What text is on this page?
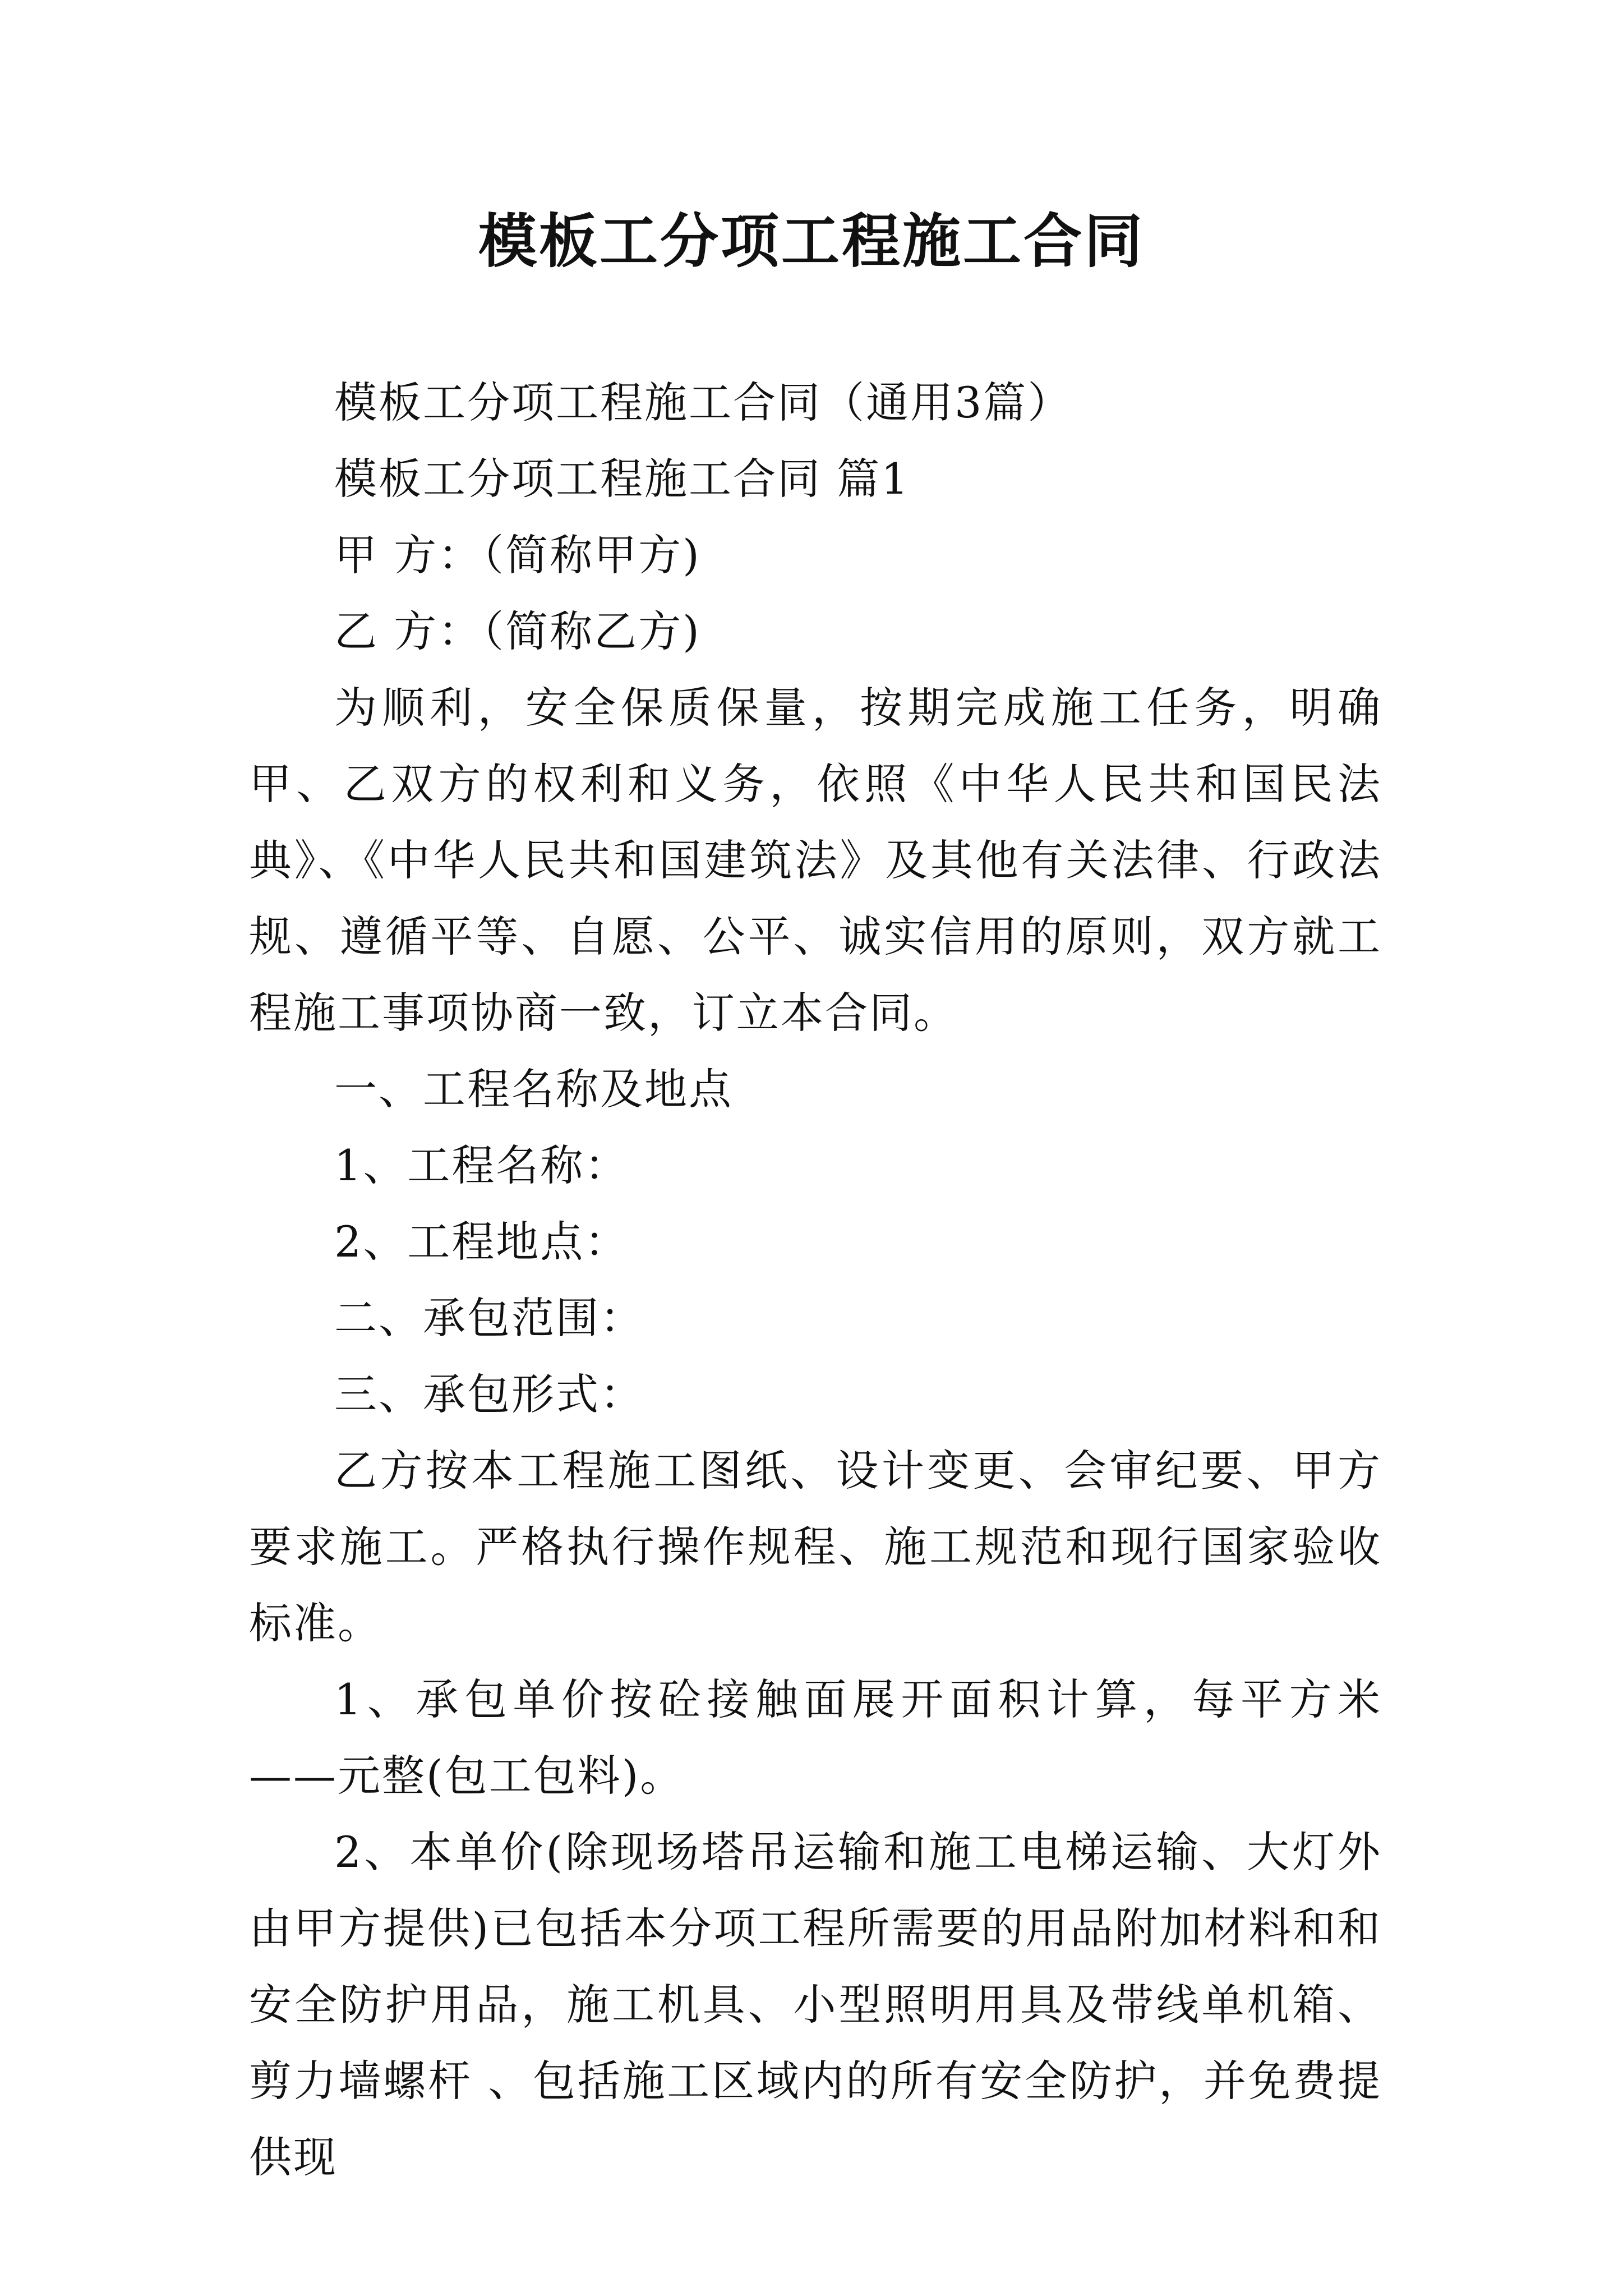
模板工分项工程施工合同

模板工分项工程施工合同（通用3篇）

模板工分项工程施工合同 篇1

甲 方：（简称甲方)

乙 方：（简称乙方)

为顺利，安全保质保量，按期完成施工任务，明确甲、乙双方的权利和义务，依照《中华人民共和国民法典》、《中华人民共和国建筑法》及其他有关法律、行政法规、遵循平等、自愿、公平、诚实信用的原则，双方就工程施工事项协商一致，订立本合同。

一、工程名称及地点

1、工程名称：

2、工程地点：

二、承包范围：

三、承包形式：

乙方按本工程施工图纸、设计变更、会审纪要、甲方要求施工。严格执行操作规程、施工规范和现行国家验收标准。

1、承包单价按砼接触面展开面积计算，每平方米——元整(包工包料)。

2、本单价(除现场塔吊运输和施工电梯运输、大灯外由甲方提供)已包括本分项工程所需要的用品附加材料和和安全防护用品，施工机具、小型照明用具及带线单机箱、剪力墙螺杆 、包括施工区域内的所有安全防护，并免费提供现
